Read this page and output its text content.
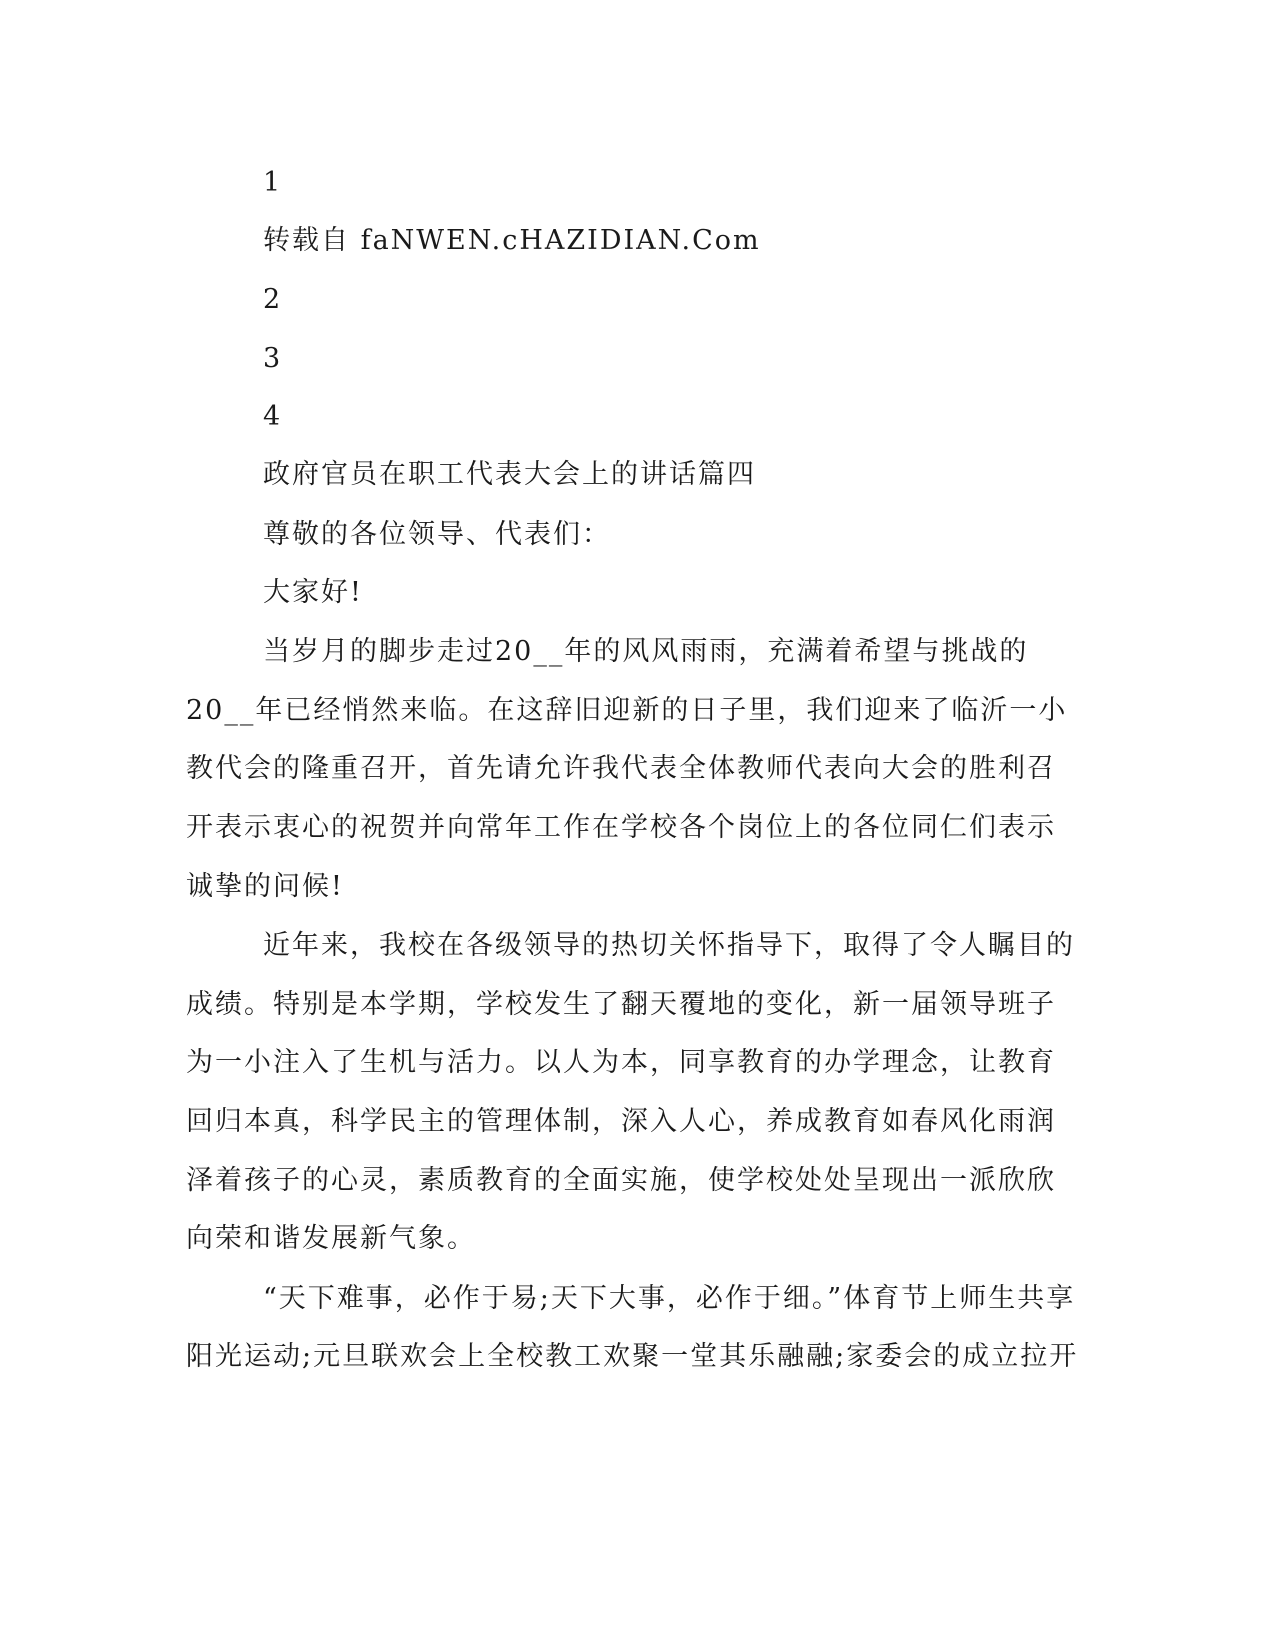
1
转载自 faNWEN.cHAZIDIAN.Com
2
3
4
政府官员在职工代表大会上的讲话篇四
尊敬的各位领导、代表们：
大家好!
当岁月的脚步走过20__年的风风雨雨，充满着希望与挑战的
20__年已经悄然来临。在这辞旧迎新的日子里，我们迎来了临沂一小
教代会的隆重召开，首先请允许我代表全体教师代表向大会的胜利召
开表示衷心的祝贺并向常年工作在学校各个岗位上的各位同仁们表示
诚挚的问候!
近年来，我校在各级领导的热切关怀指导下，取得了令人瞩目的
成绩。特别是本学期，学校发生了翻天覆地的变化，新一届领导班子
为一小注入了生机与活力。以人为本，同享教育的办学理念，让教育
回归本真，科学民主的管理体制，深入人心，养成教育如春风化雨润
泽着孩子的心灵，素质教育的全面实施，使学校处处呈现出一派欣欣
向荣和谐发展新气象。
“天下难事，必作于易;天下大事，必作于细。”体育节上师生共享
阳光运动;元旦联欢会上全校教工欢聚一堂其乐融融;家委会的成立拉开
